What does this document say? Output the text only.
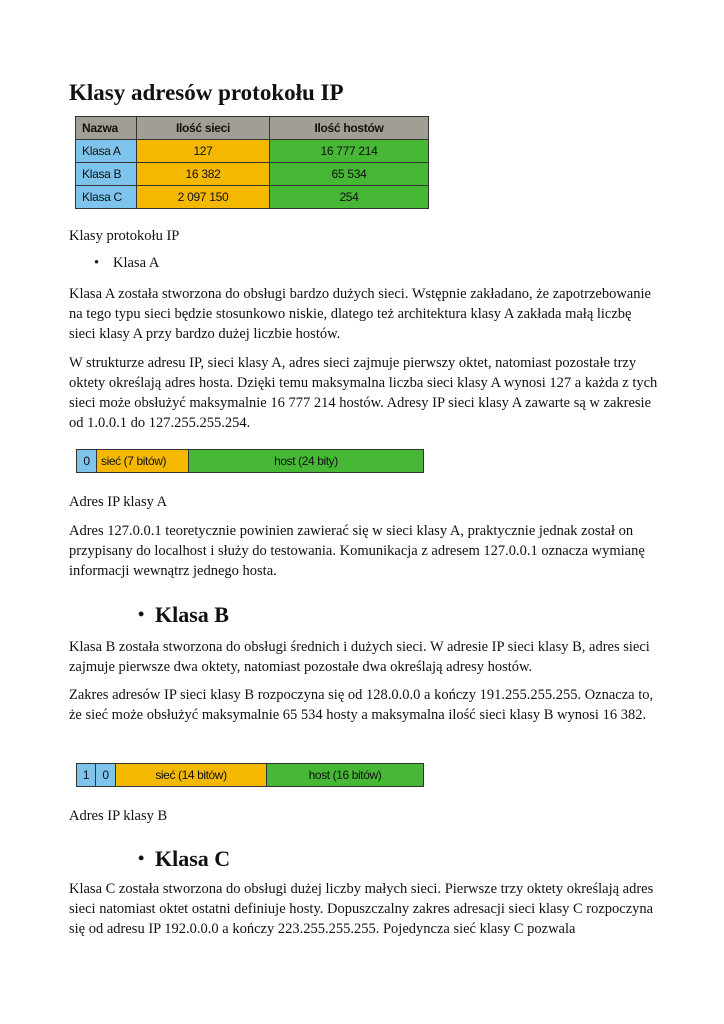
Klasy adresów protokołu IP
Nazwa	Ilość sieci	Ilość hostów
Klasa A	127	16 777 214
Klasa B	16 382	65 534
Klasa C	2 097 150	254

Klasy protokołu IP

• Klasa A

Klasa A została stworzona do obsługi bardzo dużych sieci. Wstępnie zakładano, że zapotrzebowanie na tego typu sieci będzie stosunkowo niskie, dlatego też architektura klasy A zakłada małą liczbę sieci klasy A przy bardzo dużej liczbie hostów.

W strukturze adresu IP, sieci klasy A, adres sieci zajmuje pierwszy oktet, natomiast pozostałe trzy oktety określają adres hosta. Dzięki temu maksymalna liczba sieci klasy A wynosi 127 a każda z tych sieci może obsłużyć maksymalnie 16 777 214 hostów. Adresy IP sieci klasy A zawarte są w zakresie od 1.0.0.1 do 127.255.255.254.

0 sieć (7 bitów)	host (24 bity)

Adres IP klasy A

Adres 127.0.0.1 teoretycznie powinien zawierać się w sieci klasy A, praktycznie jednak został on przypisany do localhost i służy do testowania. Komunikacja z adresem 127.0.0.1 oznacza wymianę informacji wewnątrz jednego hosta.

• Klasa B

Klasa B została stworzona do obsługi średnich i dużych sieci. W adresie IP sieci klasy B, adres sieci zajmuje pierwsze dwa oktety, natomiast pozostałe dwa określają adresy hostów.

Zakres adresów IP sieci klasy B rozpoczyna się od 128.0.0.0 a kończy 191.255.255.255. Oznacza to, że sieć może obsłużyć maksymalnie 65 534 hosty a maksymalna ilość sieci klasy B wynosi 16 382.

1	0	sieć (14 bitów)	host (16 bitów)

Adres IP klasy B

• Klasa C

Klasa C została stworzona do obsługi dużej liczby małych sieci. Pierwsze trzy oktety określają adres sieci natomiast oktet ostatni definiuje hosty. Dopuszczalny zakres adresacji sieci klasy C rozpoczyna się od adresu IP 192.0.0.0 a kończy 223.255.255.255. Pojedyncza sieć klasy C pozwala
